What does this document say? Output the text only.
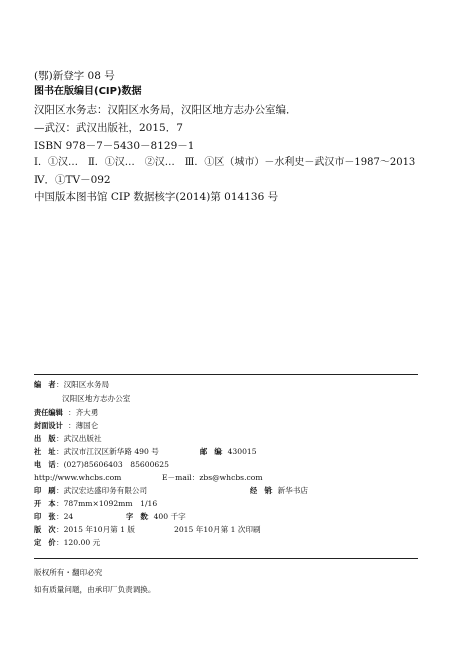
(鄂)新登字 08 号
图书在版编目(CIP)数据
汉阳区水务志：汉阳区水务局，汉阳区地方志办公室编．
—武汉：武汉出版社，2015．7
ISBN 978－7－5430－8129－1
Ⅰ．①汉…　Ⅱ．①汉…　②汉…　Ⅲ．①区（城市）－水利史－武汉市－1987～2013
Ⅳ．①TV－092
中国版本图书馆 CIP 数据核字(2014)第 014136 号
编　者：汉阳区水务局
汉阳区地方志办公室
责任编辑 ：齐大勇
封面设计 ：薄国仑
出　版：武汉出版社
社　址：武汉市江汉区新华路 490 号	邮　编：430015
电　话：(027)85606403　85600625
http://www.whcbs.com	E－mail：zbs@whcbs.com
印　刷：武汉宏达盛印务有限公司	经　销：新华书店
开　本：787mm×1092mm　1/16
印　张：24	字　数：400 千字
版　次：2015 年10月第 1 版	2015 年10月第 1 次印刷
定　价：120.00 元
版权所有・翻印必究
如有质量问题，由承印厂负责调换。
